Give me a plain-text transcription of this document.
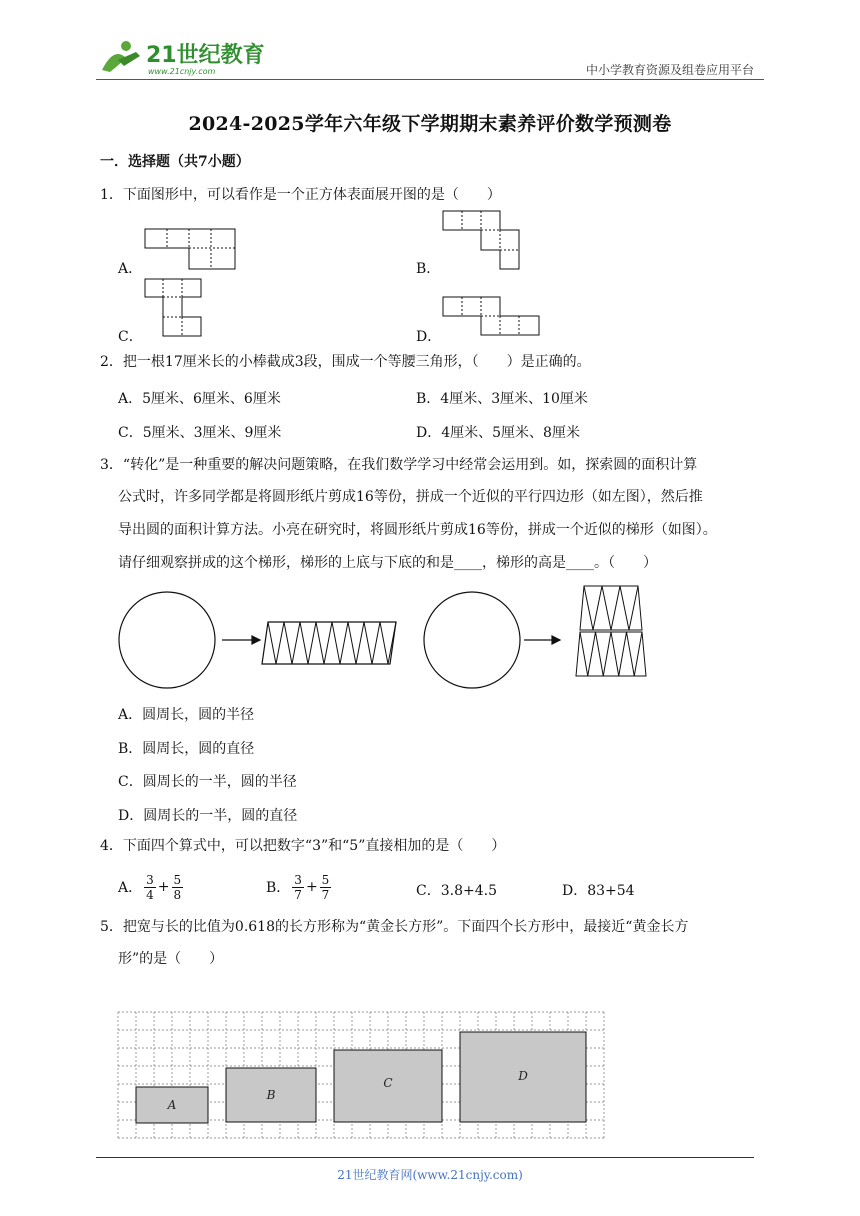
21世纪教育
www.21cnjy.com	中小学教育资源及组卷应用平台
2024-2025学年六年级下学期期末素养评价数学预测卷
一．选择题（共7小题）
1．下面图形中，可以看作是一个正方体表面展开图的是（　　）
A．	B．
C．	D．
2．把一根17厘米长的小棒截成3段，围成一个等腰三角形，（　　）是正确的。
A．5厘米、6厘米、6厘米	B．4厘米、3厘米、10厘米
C．5厘米、3厘米、9厘米	D．4厘米、5厘米、8厘米
3．“转化”是一种重要的解决问题策略，在我们数学学习中经常会运用到。如，探索圆的面积计算
公式时，许多同学都是将圆形纸片剪成16等份，拼成一个近似的平行四边形（如左图），然后推
导出圆的面积计算方法。小亮在研究时，将圆形纸片剪成16等份，拼成一个近似的梯形（如图）。
请仔细观察拼成的这个梯形，梯形的上底与下底的和是____，梯形的高是____。（　　）
A．圆周长，圆的半径
B．圆周长，圆的直径
C．圆周长的一半，圆的半径
D．圆周长的一半，圆的直径
4．下面四个算式中，可以把数字“3”和“5”直接相加的是（　　）
A． $\frac{3}{4} + \frac{5}{8}$	B． $\frac{3}{7} + \frac{5}{7}$	C．3.8+4.5	D．83+54
5．把宽与长的比值为0.618的长方形称为“黄金长方形”。下面四个长方形中，最接近“黄金长方
形”的是（　　）
A
B
C	D
21世纪教育网(www.21cnjy.com)
